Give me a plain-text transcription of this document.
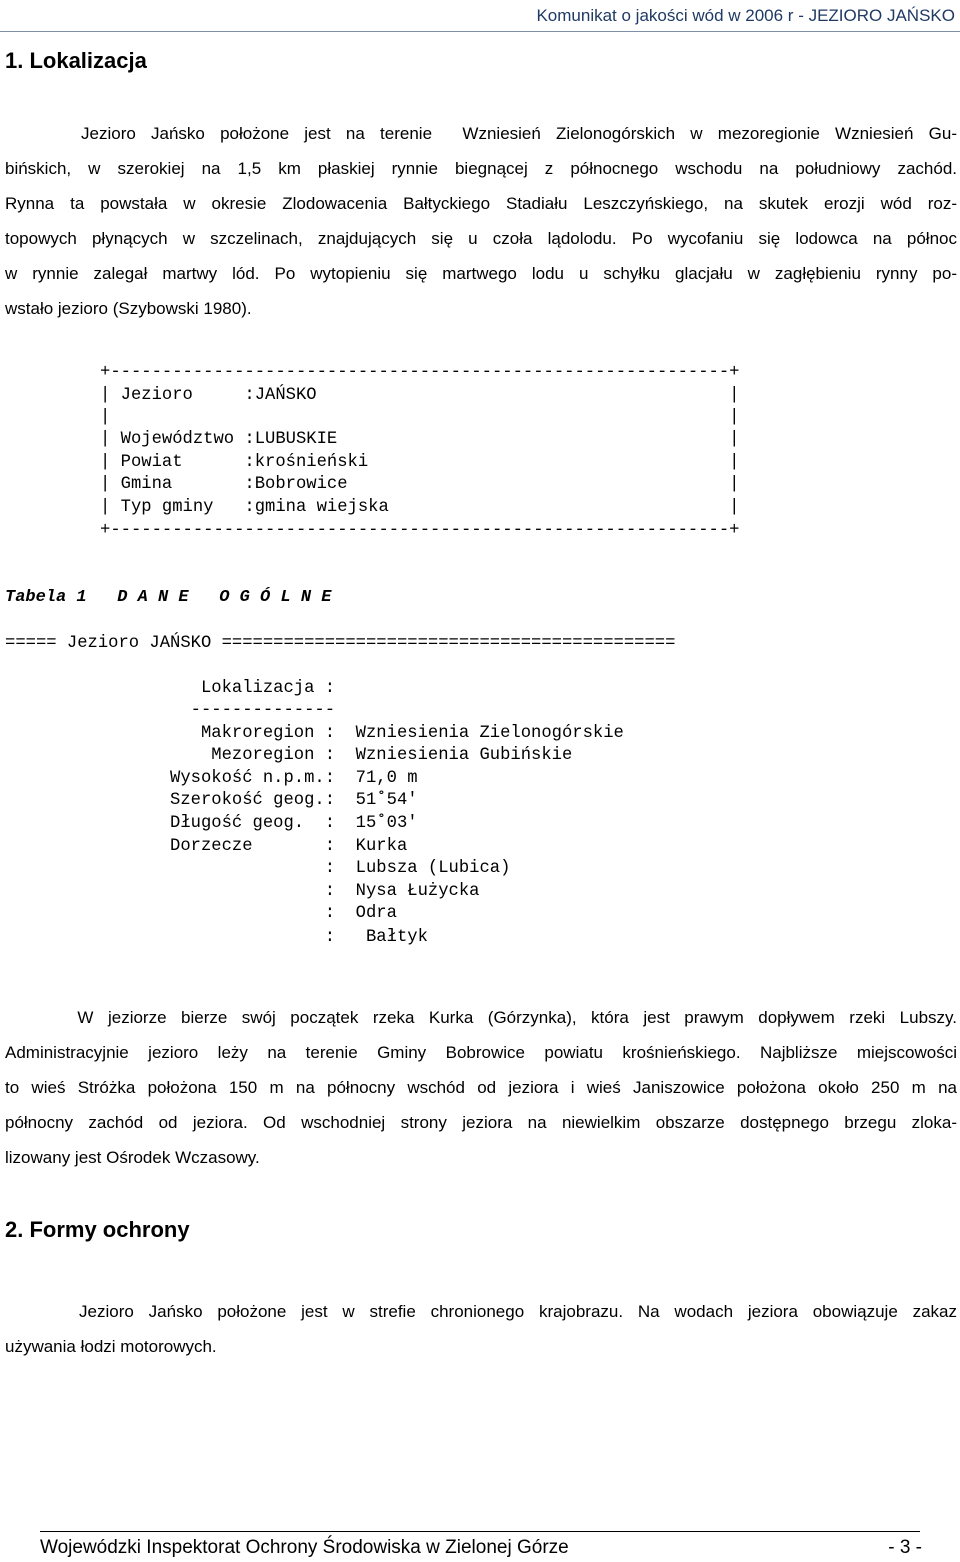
Komunikat o jakości wód w 2006 r - JEZIORO JAŃSKO
1. Lokalizacja
Jezioro Jańsko położone jest na terenie  Wzniesień Zielonogórskich w mezoregionie Wzniesień Gu-
bińskich, w szerokiej na 1,5 km płaskiej rynnie biegnącej z północnego wschodu na południowy zachód.
Rynna ta powstała w okresie Zlodowacenia Bałtyckiego Stadiału Leszczyńskiego, na skutek erozji wód roz-
topowych płynących w szczelinach, znajdujących się u czoła lądolodu. Po wycofaniu się lodowca na północ
w rynnie zalegał martwy lód. Po wytopieniu się martwego lodu u schyłku glacjału w zagłębieniu rynny po-
wstało jezioro (Szybowski 1980).
+------------------------------------------------------------+
| Jezioro     :JAŃSKO                                        |
|                                                            |
| Województwo :LUBUSKIE                                      |
| Powiat      :krośnieński                                   |
| Gmina       :Bobrowice                                     |
| Typ gminy   :gmina wiejska                                 |
+------------------------------------------------------------+
Tabela 1   D A N E   O G Ó L N E
===== Jezioro JAŃSKO ============================================
Lokalizacja :
--------------
Makroregion :  Wzniesienia Zielonogórskie
Mezoregion :  Wzniesienia Gubińskie
Wysokość n.p.m.:  71,0 m
Szerokość geog.:  51˚54'
Długość geog.  :  15˚03'
Dorzecze       :  Kurka
:  Lubsza (Lubica)
:  Nysa Łużycka
:  Odra
:   Bałtyk
W jeziorze bierze swój początek rzeka Kurka (Górzynka), która jest prawym dopływem rzeki Lubszy.
Administracyjnie jezioro leży na terenie Gminy Bobrowice powiatu krośnieńskiego. Najbliższe miejscowości
to wieś Stróżka położona 150 m na północny wschód od jeziora i wieś Janiszowice położona około 250 m na
północny zachód od jeziora. Od wschodniej strony jeziora na niewielkim obszarze dostępnego brzegu zloka-
lizowany jest Ośrodek Wczasowy.
2. Formy ochrony
Jezioro Jańsko położone jest w strefie chronionego krajobrazu. Na wodach jeziora obowiązuje zakaz
używania łodzi motorowych.
Wojewódzki Inspektorat Ochrony Środowiska w Zielonej Górze	- 3 -
